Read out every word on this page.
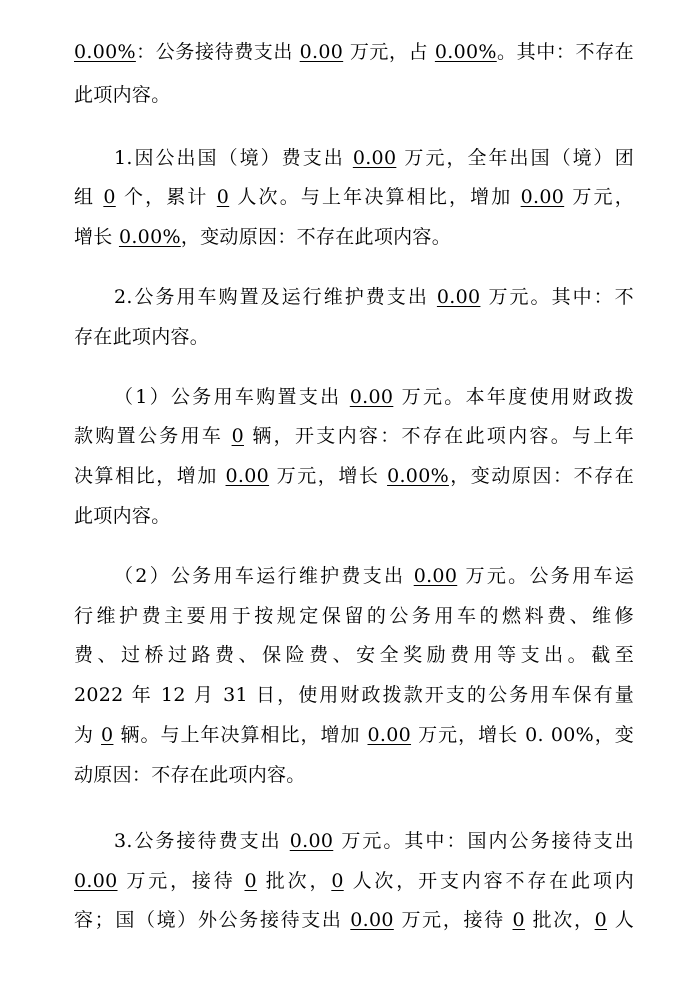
0.00%：公务接待费支出 0.00 万元，占 0.00%。其中：不存在
此项内容。
1.因公出国（境）费支出 0.00 万元，全年出国（境）团
组 0 个，累计 0 人次。与上年决算相比，增加 0.00 万元，
增长 0.00%，变动原因：不存在此项内容。
2.公务用车购置及运行维护费支出 0.00 万元。其中：不
存在此项内容。
（1）公务用车购置支出 0.00 万元。本年度使用财政拨
款购置公务用车 0 辆，开支内容：不存在此项内容。与上年
决算相比，增加 0.00 万元，增长 0.00%，变动原因：不存在
此项内容。
（2）公务用车运行维护费支出 0.00 万元。公务用车运
行维护费主要用于按规定保留的公务用车的燃料费、维修
费、过桥过路费、保险费、安全奖励费用等支出。截至
2022 年 12 月 31 日，使用财政拨款开支的公务用车保有量
为 0 辆。与上年决算相比，增加 0.00 万元，增长 0. 00%，变
动原因：不存在此项内容。
3.公务接待费支出 0.00 万元。其中：国内公务接待支出
0.00 万元，接待 0 批次，0 人次，开支内容不存在此项内
容；国（境）外公务接待支出 0.00 万元，接待 0 批次，0 人
